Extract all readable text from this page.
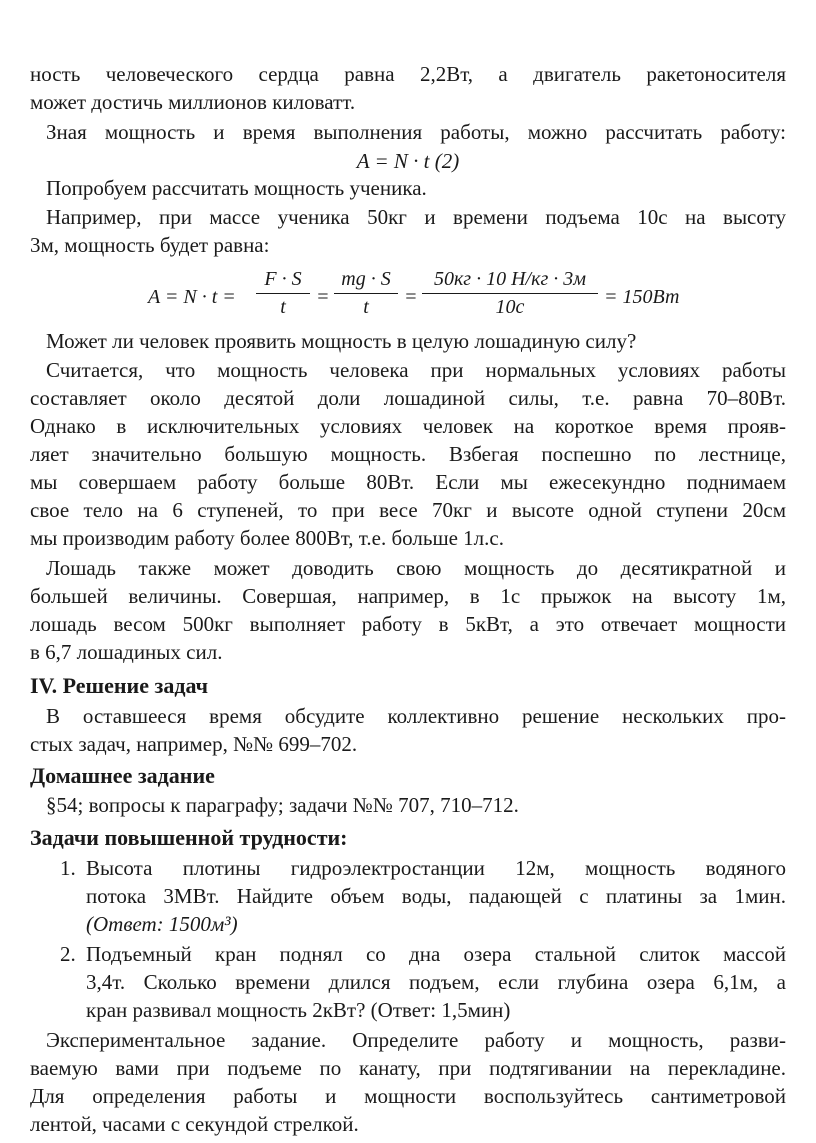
ность человеческого сердца равна 2,2Вт, а двигатель ракетоносителя
может достичь миллионов киловатт.
Зная мощность и время выполнения работы, можно рассчитать работу:
A = N · t (2)
Попробуем рассчитать мощность ученика.
Например, при массе ученика 50кг и времени подъема 10с на высоту
3м, мощность будет равна:
A = N · t =
F · S
t	=
mg · S
t	=
50кг · 10 Н/кг · 3м
10с	= 150Вт
Может ли человек проявить мощность в целую лошадиную силу?
Считается, что мощность человека при нормальных условиях работы
составляет около десятой доли лошадиной силы, т.е. равна 70–80Вт.
Однако в исключительных условиях человек на короткое время прояв-
ляет значительно большую мощность. Взбегая поспешно по лестнице,
мы совершаем работу больше 80Вт. Если мы ежесекундно поднимаем
свое тело на 6 ступеней, то при весе 70кг и высоте одной ступени 20см
мы производим работу более 800Вт, т.е. больше 1л.с.
Лошадь также может доводить свою мощность до десятикратной и
большей величины. Совершая, например, в 1с прыжок на высоту 1м,
лошадь весом 500кг выполняет работу в 5кВт, а это отвечает мощности
в 6,7 лошадиных сил.
IV. Решение задач
В оставшееся время обсудите коллективно решение нескольких про-
стых задач, например, №№ 699–702.
Домашнее задание
§54; вопросы к параграфу; задачи №№ 707, 710–712.
Задачи повышенной трудности:
1. Высота плотины гидроэлектростанции 12м, мощность водяного
потока 3МВт. Найдите объем воды, падающей с платины за 1мин.
(Ответ: 1500м³)
2. Подъемный кран поднял со дна озера стальной слиток массой
3,4т. Сколько времени длился подъем, если глубина озера 6,1м, а
кран развивал мощность 2кВт? (Ответ: 1,5мин)
Экспериментальное задание. Определите работу и мощность, разви-
ваемую вами при подъеме по канату, при подтягивании на перекладине.
Для определения работы и мощности воспользуйтесь сантиметровой
лентой, часами с секундой стрелкой.
